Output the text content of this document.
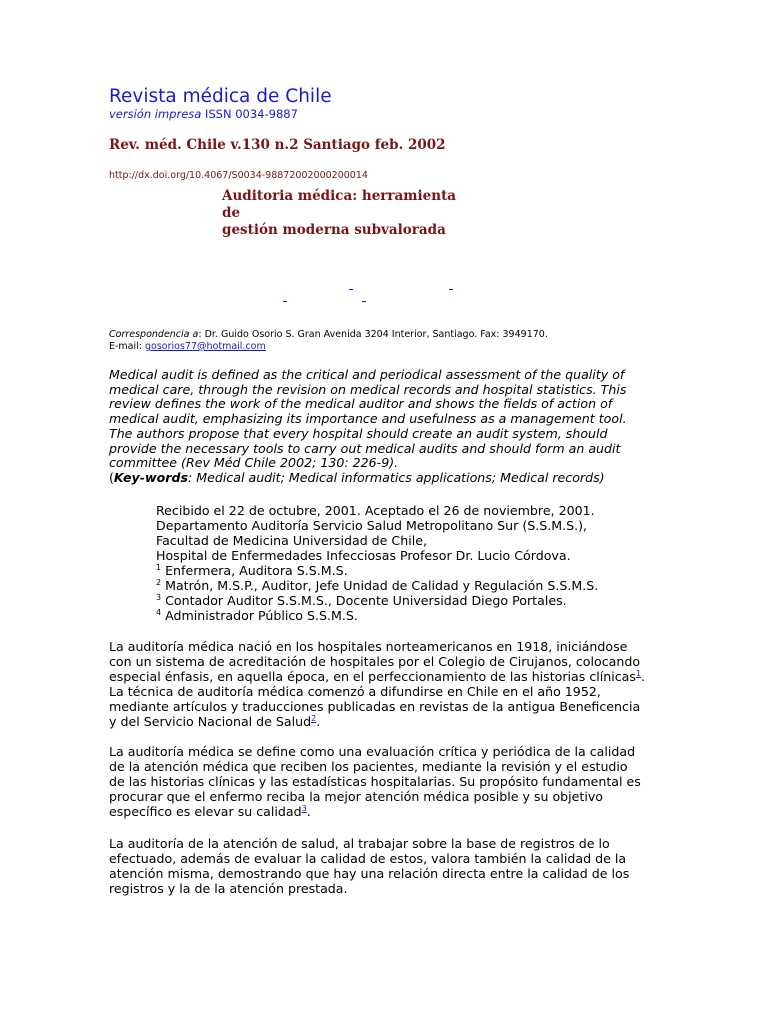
Revista médica de Chile
versión impresa ISSN 0034-9887
Rev. méd. Chile v.130 n.2 Santiago feb. 2002
http://dx.doi.org/10.4067/S0034-98872002000200014
Auditoria médica: herramienta de
gestión moderna subvalorada
Correspondencia a: Dr. Guido Osorio S. Gran Avenida 3204 Interior, Santiago. Fax: 3949170.
E-mail: gosorios77@hotmail.com
Medical audit is defined as the critical and periodical assessment of the quality of
medical care, through the revision on medical records and hospital statistics. This
review defines the work of the medical auditor and shows the fields of action of
medical audit, emphasizing its importance and usefulness as a management tool.
The authors propose that every hospital should create an audit system, should
provide the necessary tools to carry out medical audits and should form an audit
committee (Rev Méd Chile 2002; 130: 226-9).
(Key-words: Medical audit; Medical informatics applications; Medical records)
Recibido el 22 de octubre, 2001. Aceptado el 26 de noviembre, 2001.
Departamento Auditoría Servicio Salud Metropolitano Sur (S.S.M.S.),
Facultad de Medicina Universidad de Chile,
Hospital de Enfermedades Infecciosas Profesor Dr. Lucio Córdova.
$^1$ Enfermera, Auditora S.S.M.S.
$^2$ Matrón, M.S.P., Auditor, Jefe Unidad de Calidad y Regulación S.S.M.S.
$^3$ Contador Auditor S.S.M.S., Docente Universidad Diego Portales.
$^4$ Administrador Público S.S.M.S.
La auditoría médica nació en los hospitales norteamericanos en 1918, iniciándose
con un sistema de acreditación de hospitales por el Colegio de Cirujanos, colocando
especial énfasis, en aquella época, en el perfeccionamiento de las historias clínicas$^1$.
La técnica de auditoría médica comenzó a difundirse en Chile en el año 1952,
mediante artículos y traducciones publicadas en revistas de la antigua Beneficencia
y del Servicio Nacional de Salud$^2$.
La auditoría médica se define como una evaluación crítica y periódica de la calidad
de la atención médica que reciben los pacientes, mediante la revisión y el estudio
de las historias clínicas y las estadísticas hospitalarias. Su propósito fundamental es
procurar que el enfermo reciba la mejor atención médica posible y su objetivo
específico es elevar su calidad$^3$.
La auditoría de la atención de salud, al trabajar sobre la base de registros de lo
efectuado, además de evaluar la calidad de estos, valora también la calidad de la
atención misma, demostrando que hay una relación directa entre la calidad de los
registros y la de la atención prestada.
